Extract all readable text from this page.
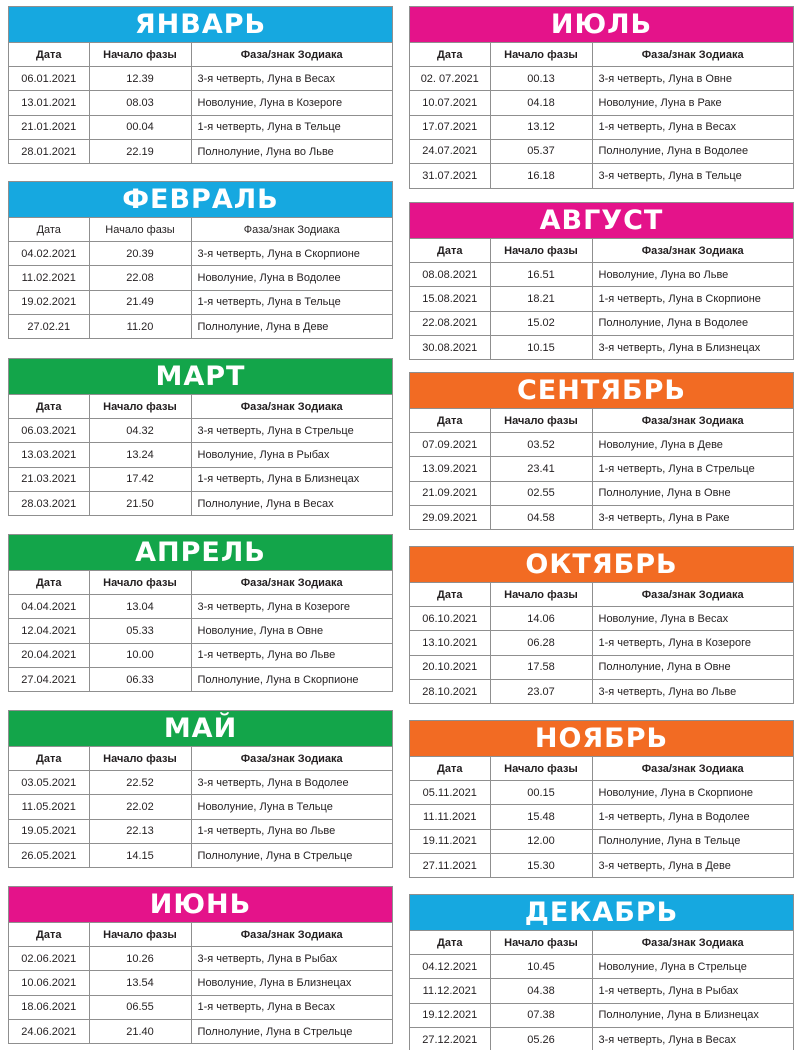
ЯНВАРЬ
Дата	Начало фазы	Фаза/знак Зодиака
06.01.2021	12.39	3-я четверть, Луна в Весах
13.01.2021	08.03	Новолуние, Луна в Козероге
21.01.2021	00.04	1-я четверть, Луна в Тельце
28.01.2021	22.19	Полнолуние, Луна во Льве
ФЕВРАЛЬ
Дата	Начало фазы	Фаза/знак Зодиака
04.02.2021	20.39	3-я четверть, Луна в Скорпионе
11.02.2021	22.08	Новолуние, Луна в Водолее
19.02.2021	21.49	1-я четверть, Луна в Тельце
27.02.21	11.20	Полнолуние, Луна в Деве
МАРТ
Дата	Начало фазы	Фаза/знак Зодиака
06.03.2021	04.32	3-я четверть, Луна в Стрельце
13.03.2021	13.24	Новолуние, Луна в Рыбах
21.03.2021	17.42	1-я четверть, Луна в Близнецах
28.03.2021	21.50	Полнолуние, Луна в Весах
АПРЕЛЬ
Дата	Начало фазы	Фаза/знак Зодиака
04.04.2021	13.04	3-я четверть, Луна в Козероге
12.04.2021	05.33	Новолуние, Луна в Овне
20.04.2021	10.00	1-я четверть, Луна во Льве
27.04.2021	06.33	Полнолуние, Луна в Скорпионе
МАЙ
Дата	Начало фазы	Фаза/знак Зодиака
03.05.2021	22.52	3-я четверть, Луна в Водолее
11.05.2021	22.02	Новолуние, Луна в Тельце
19.05.2021	22.13	1-я четверть, Луна во Льве
26.05.2021	14.15	Полнолуние, Луна в Стрельце
ИЮНЬ
Дата	Начало фазы	Фаза/знак Зодиака
02.06.2021	10.26	3-я четверть, Луна в Рыбах
10.06.2021	13.54	Новолуние, Луна в Близнецах
18.06.2021	06.55	1-я четверть, Луна в Весах
24.06.2021	21.40	Полнолуние, Луна в Стрельце
ИЮЛЬ
Дата	Начало фазы	Фаза/знак Зодиака
02. 07.2021	00.13	3-я четверть, Луна в Овне
10.07.2021	04.18	Новолуние, Луна в Раке
17.07.2021	13.12	1-я четверть, Луна в Весах
24.07.2021	05.37	Полнолуние, Луна в Водолее
31.07.2021	16.18	3-я четверть, Луна в Тельце
АВГУСТ
Дата	Начало фазы	Фаза/знак Зодиака
08.08.2021	16.51	Новолуние, Луна во Льве
15.08.2021	18.21	1-я четверть, Луна в Скорпионе
22.08.2021	15.02	Полнолуние, Луна в Водолее
30.08.2021	10.15	3-я четверть, Луна в Близнецах
СЕНТЯБРЬ
Дата	Начало фазы	Фаза/знак Зодиака
07.09.2021	03.52	Новолуние, Луна в Деве
13.09.2021	23.41	1-я четверть, Луна в Стрельце
21.09.2021	02.55	Полнолуние, Луна в Овне
29.09.2021	04.58	3-я четверть, Луна в Раке
ОКТЯБРЬ
Дата	Начало фазы	Фаза/знак Зодиака
06.10.2021	14.06	Новолуние, Луна в Весах
13.10.2021	06.28	1-я четверть, Луна в Козероге
20.10.2021	17.58	Полнолуние, Луна в Овне
28.10.2021	23.07	3-я четверть, Луна во Льве
НОЯБРЬ
Дата	Начало фазы	Фаза/знак Зодиака
05.11.2021	00.15	Новолуние, Луна в Скорпионе
11.11.2021	15.48	1-я четверть, Луна в Водолее
19.11.2021	12.00	Полнолуние, Луна в Тельце
27.11.2021	15.30	3-я четверть, Луна в Деве
ДЕКАБРЬ
Дата	Начало фазы	Фаза/знак Зодиака
04.12.2021	10.45	Новолуние, Луна в Стрельце
11.12.2021	04.38	1-я четверть, Луна в Рыбах
19.12.2021	07.38	Полнолуние, Луна в Близнецах
27.12.2021	05.26	3-я четверть, Луна в Весах
